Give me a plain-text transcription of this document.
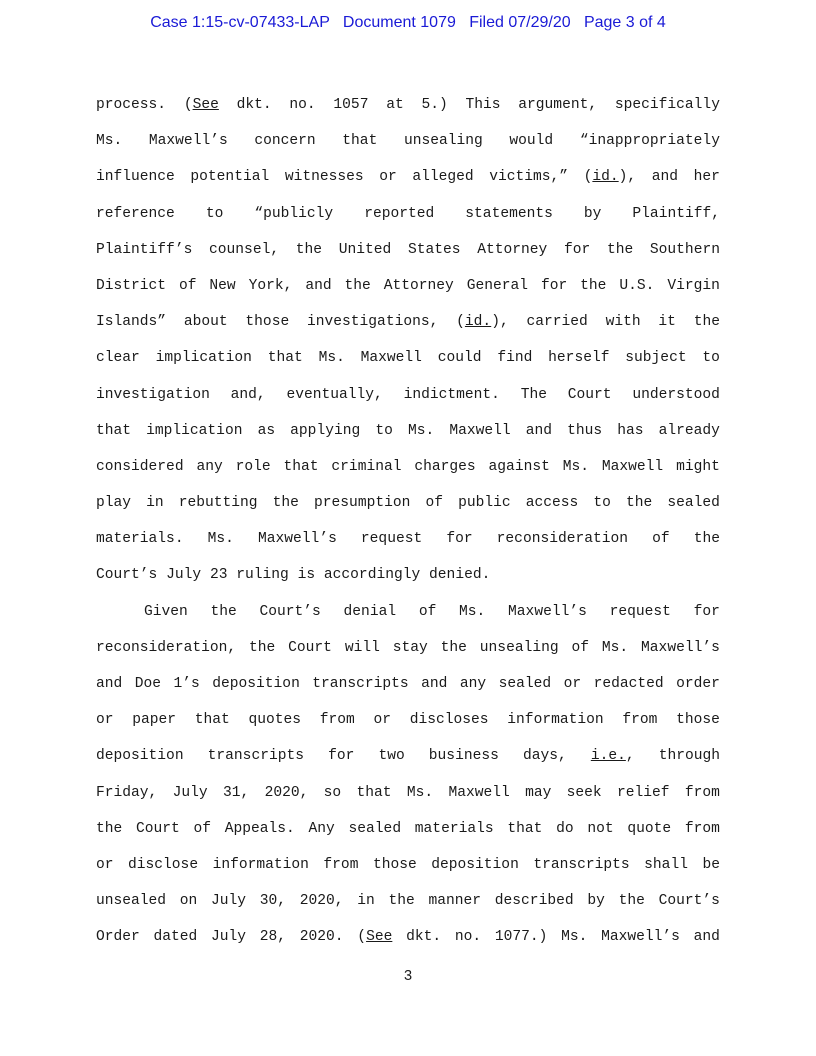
Case 1:15-cv-07433-LAP   Document 1079   Filed 07/29/20   Page 3 of 4
process. (See dkt. no. 1057 at 5.) This argument, specifically
Ms. Maxwell’s concern that unsealing would “inappropriately
influence potential witnesses or alleged victims,” (id.), and her
reference to “publicly reported statements by Plaintiff,
Plaintiff’s counsel, the United States Attorney for the Southern
District of New York, and the Attorney General for the U.S. Virgin
Islands” about those investigations, (id.), carried with it the
clear implication that Ms. Maxwell could find herself subject to
investigation and, eventually, indictment. The Court understood
that implication as applying to Ms. Maxwell and thus has already
considered any role that criminal charges against Ms. Maxwell might
play in rebutting the presumption of public access to the sealed
materials. Ms. Maxwell’s request for reconsideration of the
Court’s July 23 ruling is accordingly denied.
Given the Court’s denial of Ms. Maxwell’s request for
reconsideration, the Court will stay the unsealing of Ms. Maxwell’s
and Doe 1’s deposition transcripts and any sealed or redacted order
or paper that quotes from or discloses information from those
deposition transcripts for two business days, i.e., through
Friday, July 31, 2020, so that Ms. Maxwell may seek relief from
the Court of Appeals. Any sealed materials that do not quote from
or disclose information from those deposition transcripts shall be
unsealed on July 30, 2020, in the manner described by the Court’s
Order dated July 28, 2020. (See dkt. no. 1077.) Ms. Maxwell’s and
3
